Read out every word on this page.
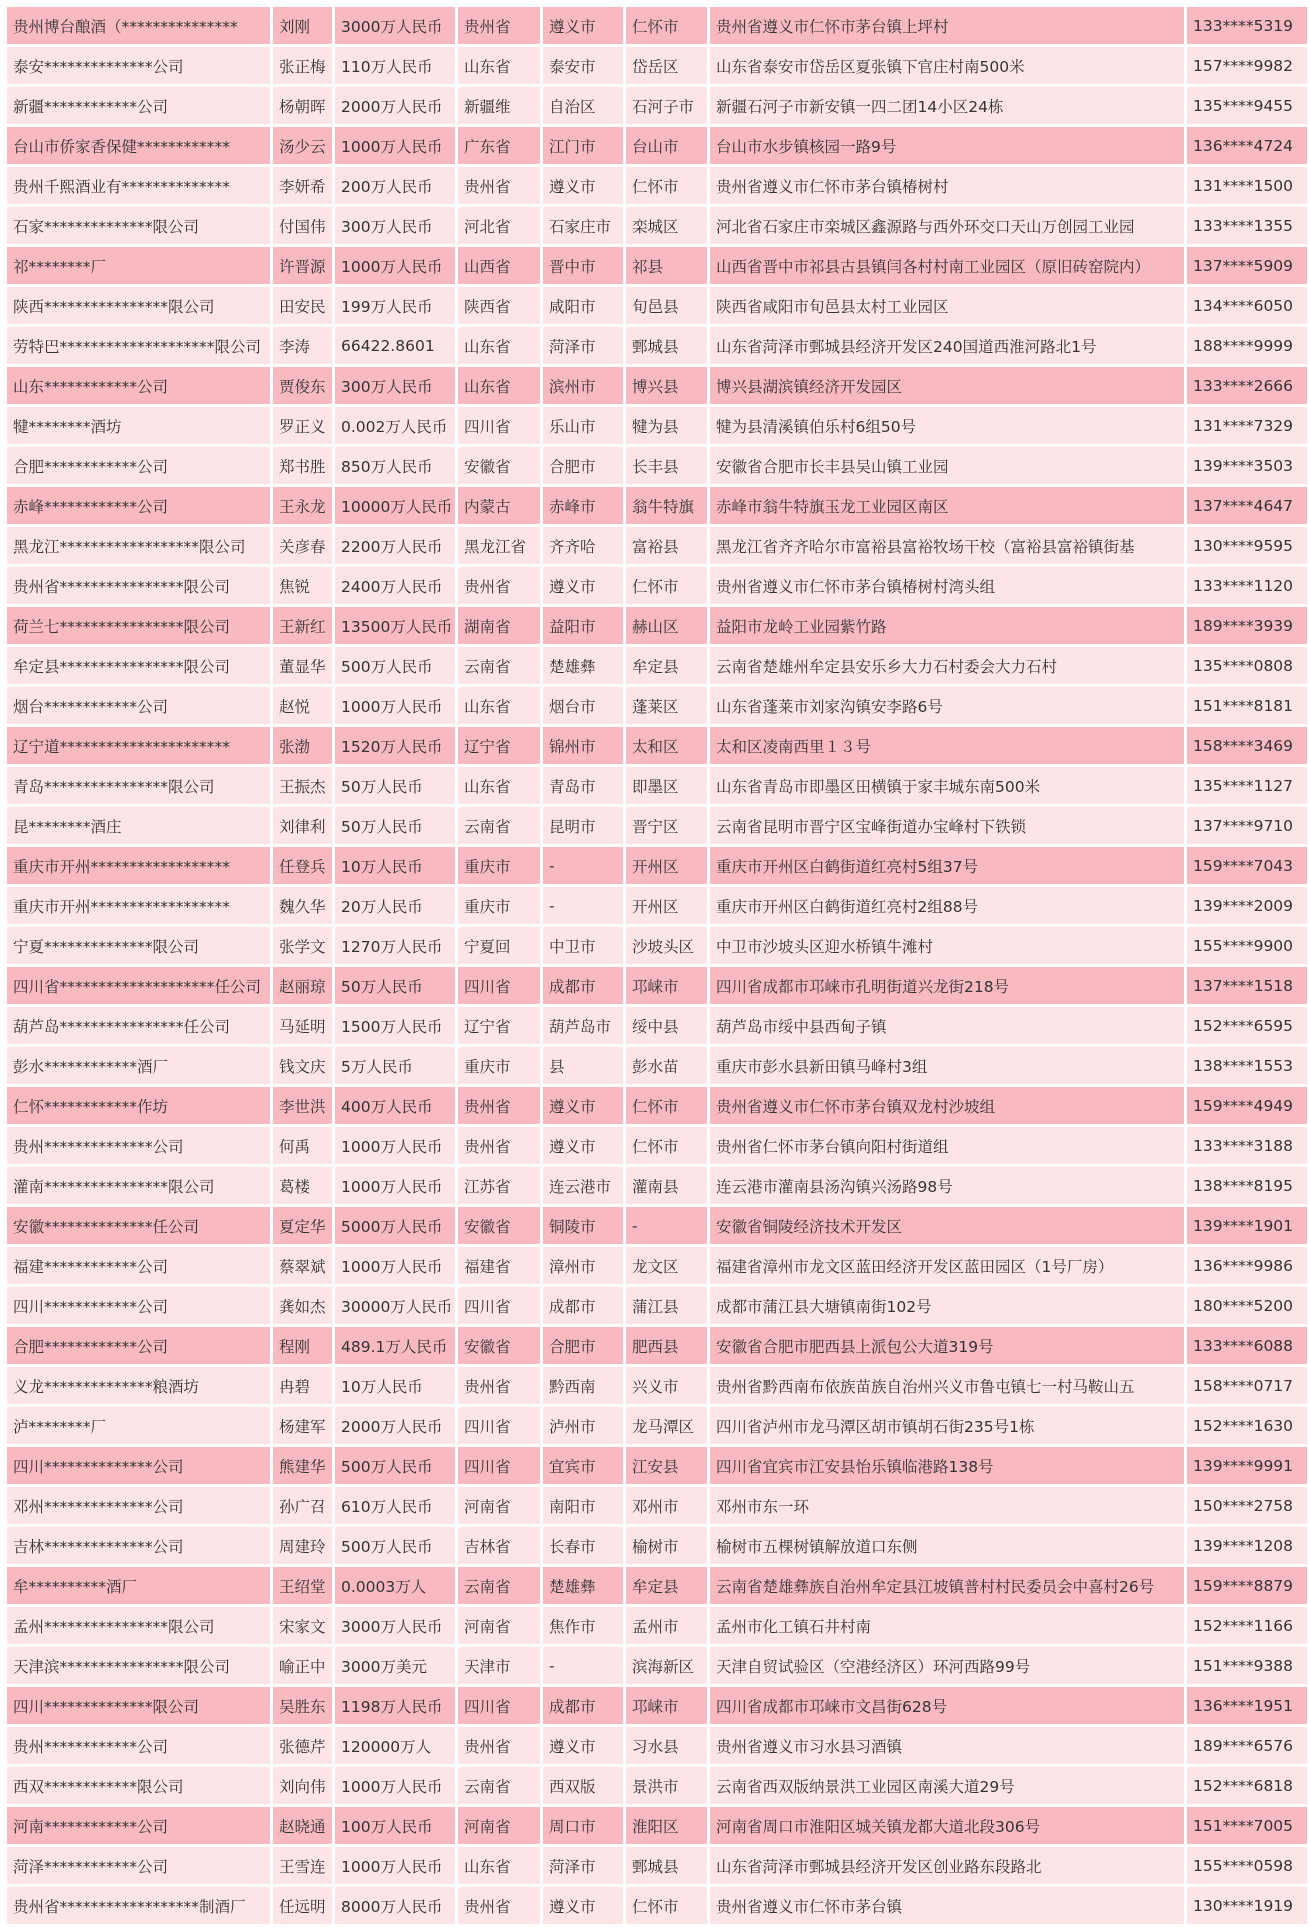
贵州博台酿酒（***************	刘刚	3000万人民币	贵州省	遵义市	仁怀市	贵州省遵义市仁怀市茅台镇上坪村	133****5319
泰安**************公司	张正梅	110万人民币	山东省	泰安市	岱岳区	山东省泰安市岱岳区夏张镇下官庄村南500米	157****9982
新疆************公司	杨朝晖	2000万人民币	新疆维	自治区	石河子市	新疆石河子市新安镇一四二团14小区24栋	135****9455
台山市侨家香保健************	汤少云	1000万人民币	广东省	江门市	台山市	台山市水步镇核园一路9号	136****4724
贵州千熙酒业有**************	李妍希	200万人民币	贵州省	遵义市	仁怀市	贵州省遵义市仁怀市茅台镇椿树村	131****1500
石家**************限公司	付国伟	300万人民币	河北省	石家庄市	栾城区	河北省石家庄市栾城区鑫源路与西外环交口天山万创园工业园	133****1355
祁********厂	许晋源	1000万人民币	山西省	晋中市	祁县	山西省晋中市祁县古县镇闫各村村南工业园区（原旧砖窑院内）	137****5909
陕西****************限公司	田安民	199万人民币	陕西省	咸阳市	旬邑县	陕西省咸阳市旬邑县太村工业园区	134****6050
劳特巴********************限公司	李涛	66422.8601	山东省	菏泽市	鄄城县	山东省菏泽市鄄城县经济开发区240国道西淮河路北1号	188****9999
山东************公司	贾俊东	300万人民币	山东省	滨州市	博兴县	博兴县湖滨镇经济开发园区	133****2666
犍********酒坊	罗正义	0.002万人民币	四川省	乐山市	犍为县	犍为县清溪镇伯乐村6组50号	131****7329
合肥************公司	郑书胜	850万人民币	安徽省	合肥市	长丰县	安徽省合肥市长丰县吴山镇工业园	139****3503
赤峰************公司	王永龙	10000万人民币	内蒙古	赤峰市	翁牛特旗	赤峰市翁牛特旗玉龙工业园区南区	137****4647
黑龙江******************限公司	关彦春	2200万人民币	黑龙江省	齐齐哈	富裕县	黑龙江省齐齐哈尔市富裕县富裕牧场干校（富裕县富裕镇街基	130****9595
贵州省****************限公司	焦锐	2400万人民币	贵州省	遵义市	仁怀市	贵州省遵义市仁怀市茅台镇椿树村湾头组	133****1120
荷兰七****************限公司	王新红	13500万人民币	湖南省	益阳市	赫山区	益阳市龙岭工业园紫竹路	189****3939
牟定县****************限公司	董显华	500万人民币	云南省	楚雄彝	牟定县	云南省楚雄州牟定县安乐乡大力石村委会大力石村	135****0808
烟台************公司	赵悦	1000万人民币	山东省	烟台市	蓬莱区	山东省蓬莱市刘家沟镇安李路6号	151****8181
辽宁道**********************	张渤	1520万人民币	辽宁省	锦州市	太和区	太和区凌南西里１３号	158****3469
青岛****************限公司	王振杰	50万人民币	山东省	青岛市	即墨区	山东省青岛市即墨区田横镇于家丰城东南500米	135****1127
昆********酒庄	刘律利	50万人民币	云南省	昆明市	晋宁区	云南省昆明市晋宁区宝峰街道办宝峰村下铁锁	137****9710
重庆市开州******************	任登兵	10万人民币	重庆市	-	开州区	重庆市开州区白鹤街道红亮村5组37号	159****7043
重庆市开州******************	魏久华	20万人民币	重庆市	-	开州区	重庆市开州区白鹤街道红亮村2组88号	139****2009
宁夏**************限公司	张学文	1270万人民币	宁夏回	中卫市	沙坡头区	中卫市沙坡头区迎水桥镇牛滩村	155****9900
四川省********************任公司	赵丽琼	50万人民币	四川省	成都市	邛崃市	四川省成都市邛崃市孔明街道兴龙街218号	137****1518
葫芦岛****************任公司	马延明	1500万人民币	辽宁省	葫芦岛市	绥中县	葫芦岛市绥中县西甸子镇	152****6595
彭水************酒厂	钱文庆	5万人民币	重庆市	县	彭水苗	重庆市彭水县新田镇马峰村3组	138****1553
仁怀************作坊	李世洪	400万人民币	贵州省	遵义市	仁怀市	贵州省遵义市仁怀市茅台镇双龙村沙坡组	159****4949
贵州**************公司	何禹	1000万人民币	贵州省	遵义市	仁怀市	贵州省仁怀市茅台镇向阳村街道组	133****3188
灌南****************限公司	葛楼	1000万人民币	江苏省	连云港市	灌南县	连云港市灌南县汤沟镇兴汤路98号	138****8195
安徽**************任公司	夏定华	5000万人民币	安徽省	铜陵市	-	安徽省铜陵经济技术开发区	139****1901
福建************公司	蔡翠斌	1000万人民币	福建省	漳州市	龙文区	福建省漳州市龙文区蓝田经济开发区蓝田园区（1号厂房）	136****9986
四川************公司	龚如杰	30000万人民币	四川省	成都市	蒲江县	成都市蒲江县大塘镇南街102号	180****5200
合肥************公司	程刚	489.1万人民币	安徽省	合肥市	肥西县	安徽省合肥市肥西县上派包公大道319号	133****6088
义龙**************粮酒坊	冉碧	10万人民币	贵州省	黔西南	兴义市	贵州省黔西南布依族苗族自治州兴义市鲁屯镇七一村马鞍山五	158****0717
泸********厂	杨建军	2000万人民币	四川省	泸州市	龙马潭区	四川省泸州市龙马潭区胡市镇胡石街235号1栋	152****1630
四川**************公司	熊建华	500万人民币	四川省	宜宾市	江安县	四川省宜宾市江安县怡乐镇临港路138号	139****9991
邓州**************公司	孙广召	610万人民币	河南省	南阳市	邓州市	邓州市东一环	150****2758
吉林**************公司	周建玲	500万人民币	吉林省	长春市	榆树市	榆树市五棵树镇解放道口东侧	139****1208
牟**********酒厂	王绍堂	0.0003万人	云南省	楚雄彝	牟定县	云南省楚雄彝族自治州牟定县江坡镇普村村民委员会中喜村26号	159****8879
孟州****************限公司	宋家文	3000万人民币	河南省	焦作市	孟州市	孟州市化工镇石井村南	152****1166
天津滨****************限公司	喻正中	3000万美元	天津市	-	滨海新区	天津自贸试验区（空港经济区）环河西路99号	151****9388
四川**************限公司	吴胜东	1198万人民币	四川省	成都市	邛崃市	四川省成都市邛崃市文昌街628号	136****1951
贵州************公司	张德芹	120000万人	贵州省	遵义市	习水县	贵州省遵义市习水县习酒镇	189****6576
西双************限公司	刘向伟	1000万人民币	云南省	西双版	景洪市	云南省西双版纳景洪工业园区南溪大道29号	152****6818
河南************公司	赵晓通	100万人民币	河南省	周口市	淮阳区	河南省周口市淮阳区城关镇龙都大道北段306号	151****7005
菏泽************公司	王雪连	1000万人民币	山东省	菏泽市	鄄城县	山东省菏泽市鄄城县经济开发区创业路东段路北	155****0598
贵州省******************制酒厂	任远明	8000万人民币	贵州省	遵义市	仁怀市	贵州省遵义市仁怀市茅台镇	130****1919
